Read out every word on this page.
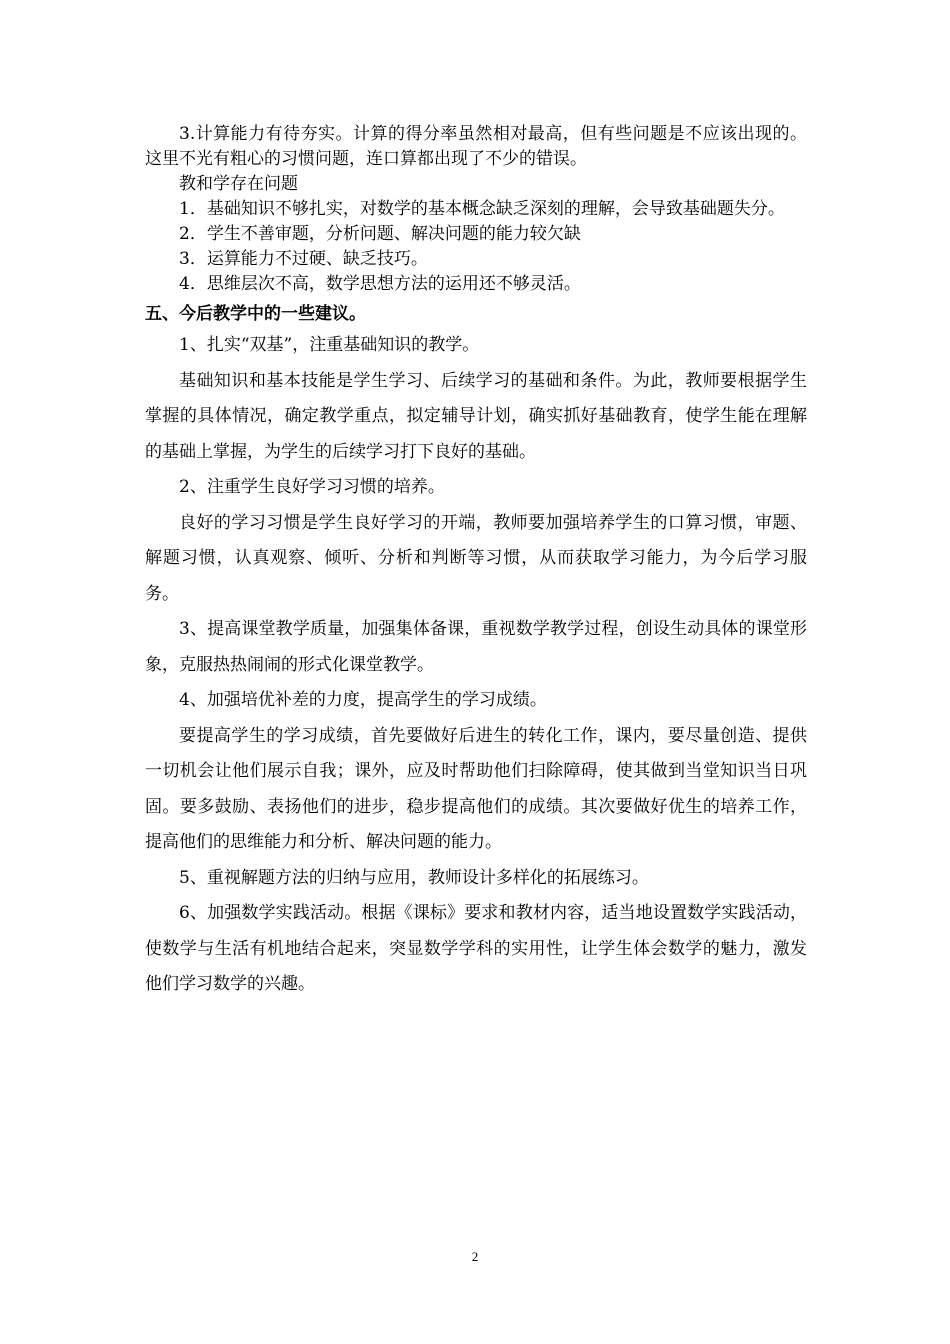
3.计算能力有待夯实。计算的得分率虽然相对最高，但有些问题是不应该出现的。这里不光有粗心的习惯问题，连口算都出现了不少的错误。

教和学存在问题

1．基础知识不够扎实，对数学的基本概念缺乏深刻的理解，会导致基础题失分。

2．学生不善审题，分析问题、解决问题的能力较欠缺

3．运算能力不过硬、缺乏技巧。

4．思维层次不高，数学思想方法的运用还不够灵活。

五、今后教学中的一些建议。

1、扎实“双基”，注重基础知识的教学。

基础知识和基本技能是学生学习、后续学习的基础和条件。为此，教师要根据学生掌握的具体情况，确定教学重点，拟定辅导计划，确实抓好基础教育，使学生能在理解的基础上掌握，为学生的后续学习打下良好的基础。

2、注重学生良好学习习惯的培养。

良好的学习习惯是学生良好学习的开端，教师要加强培养学生的口算习惯，审题、解题习惯，认真观察、倾听、分析和判断等习惯，从而获取学习能力，为今后学习服务。

3、提高课堂教学质量，加强集体备课，重视数学教学过程，创设生动具体的课堂形象，克服热热闹闹的形式化课堂教学。

4、加强培优补差的力度，提高学生的学习成绩。

要提高学生的学习成绩，首先要做好后进生的转化工作，课内，要尽量创造、提供一切机会让他们展示自我；课外，应及时帮助他们扫除障碍，使其做到当堂知识当日巩固。要多鼓励、表扬他们的进步，稳步提高他们的成绩。其次要做好优生的培养工作，提高他们的思维能力和分析、解决问题的能力。

5、重视解题方法的归纳与应用，教师设计多样化的拓展练习。

6、加强数学实践活动。根据《课标》要求和教材内容，适当地设置数学实践活动，使数学与生活有机地结合起来，突显数学学科的实用性，让学生体会数学的魅力，激发他们学习数学的兴趣。

2
